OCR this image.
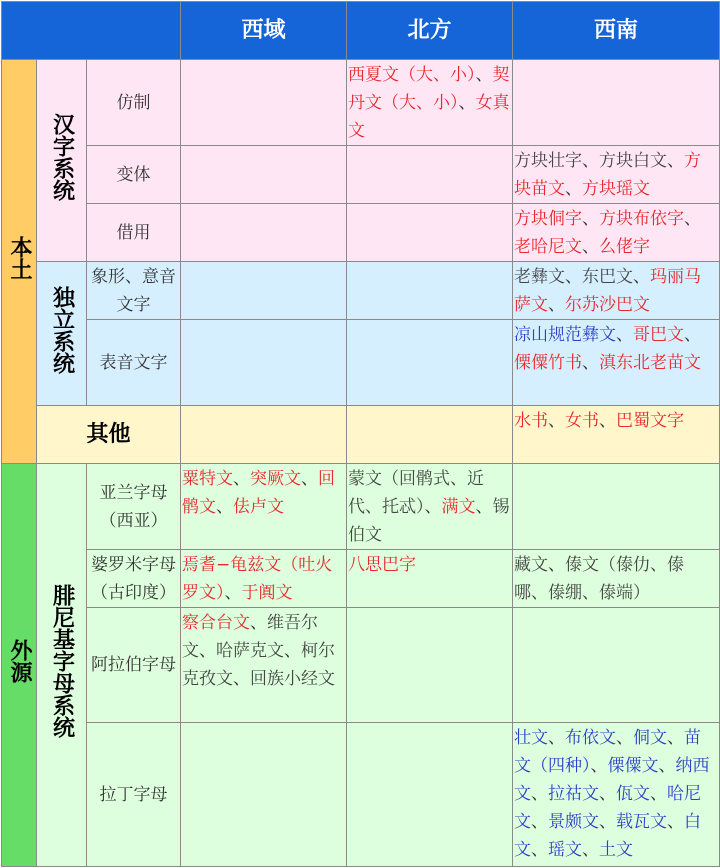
			西域	北方	西南
本土	汉字系统	仿制		西夏文（大、小）、契丹文（大、小）、女真文	

		变体			方块壮字、方块白文、方块苗文、方块瑶文

		借用			方块侗字、方块布依字、老哈尼文、么佬字

	独立系统	象形、意音文字			老彝文、东巴文、玛丽马萨文、尔苏沙巴文

		表音文字			凉山规范彝文、哥巴文、傈僳竹书、滇东北老苗文

	其他				水书、女书、巴蜀文字

外源	腓尼基字母系统	亚兰字母（西亚）	粟特文、突厥文、回鹘文、佉卢文	蒙文（回鹘式、近代、托忒）、满文、锡伯文	

		婆罗米字母（古印度）	焉耆−龟兹文（吐火罗文）、于阗文	八思巴字	藏文、傣文（傣仂、傣哪、傣绷、傣端）

		阿拉伯字母	察合台文、维吾尔文、哈萨克文、柯尔克孜文、回族小经文		

		拉丁字母			壮文、布依文、侗文、苗文（四种）、傈僳文、纳西文、拉祜文、佤文、哈尼文、景颇文、载瓦文、白文、瑶文、土文
